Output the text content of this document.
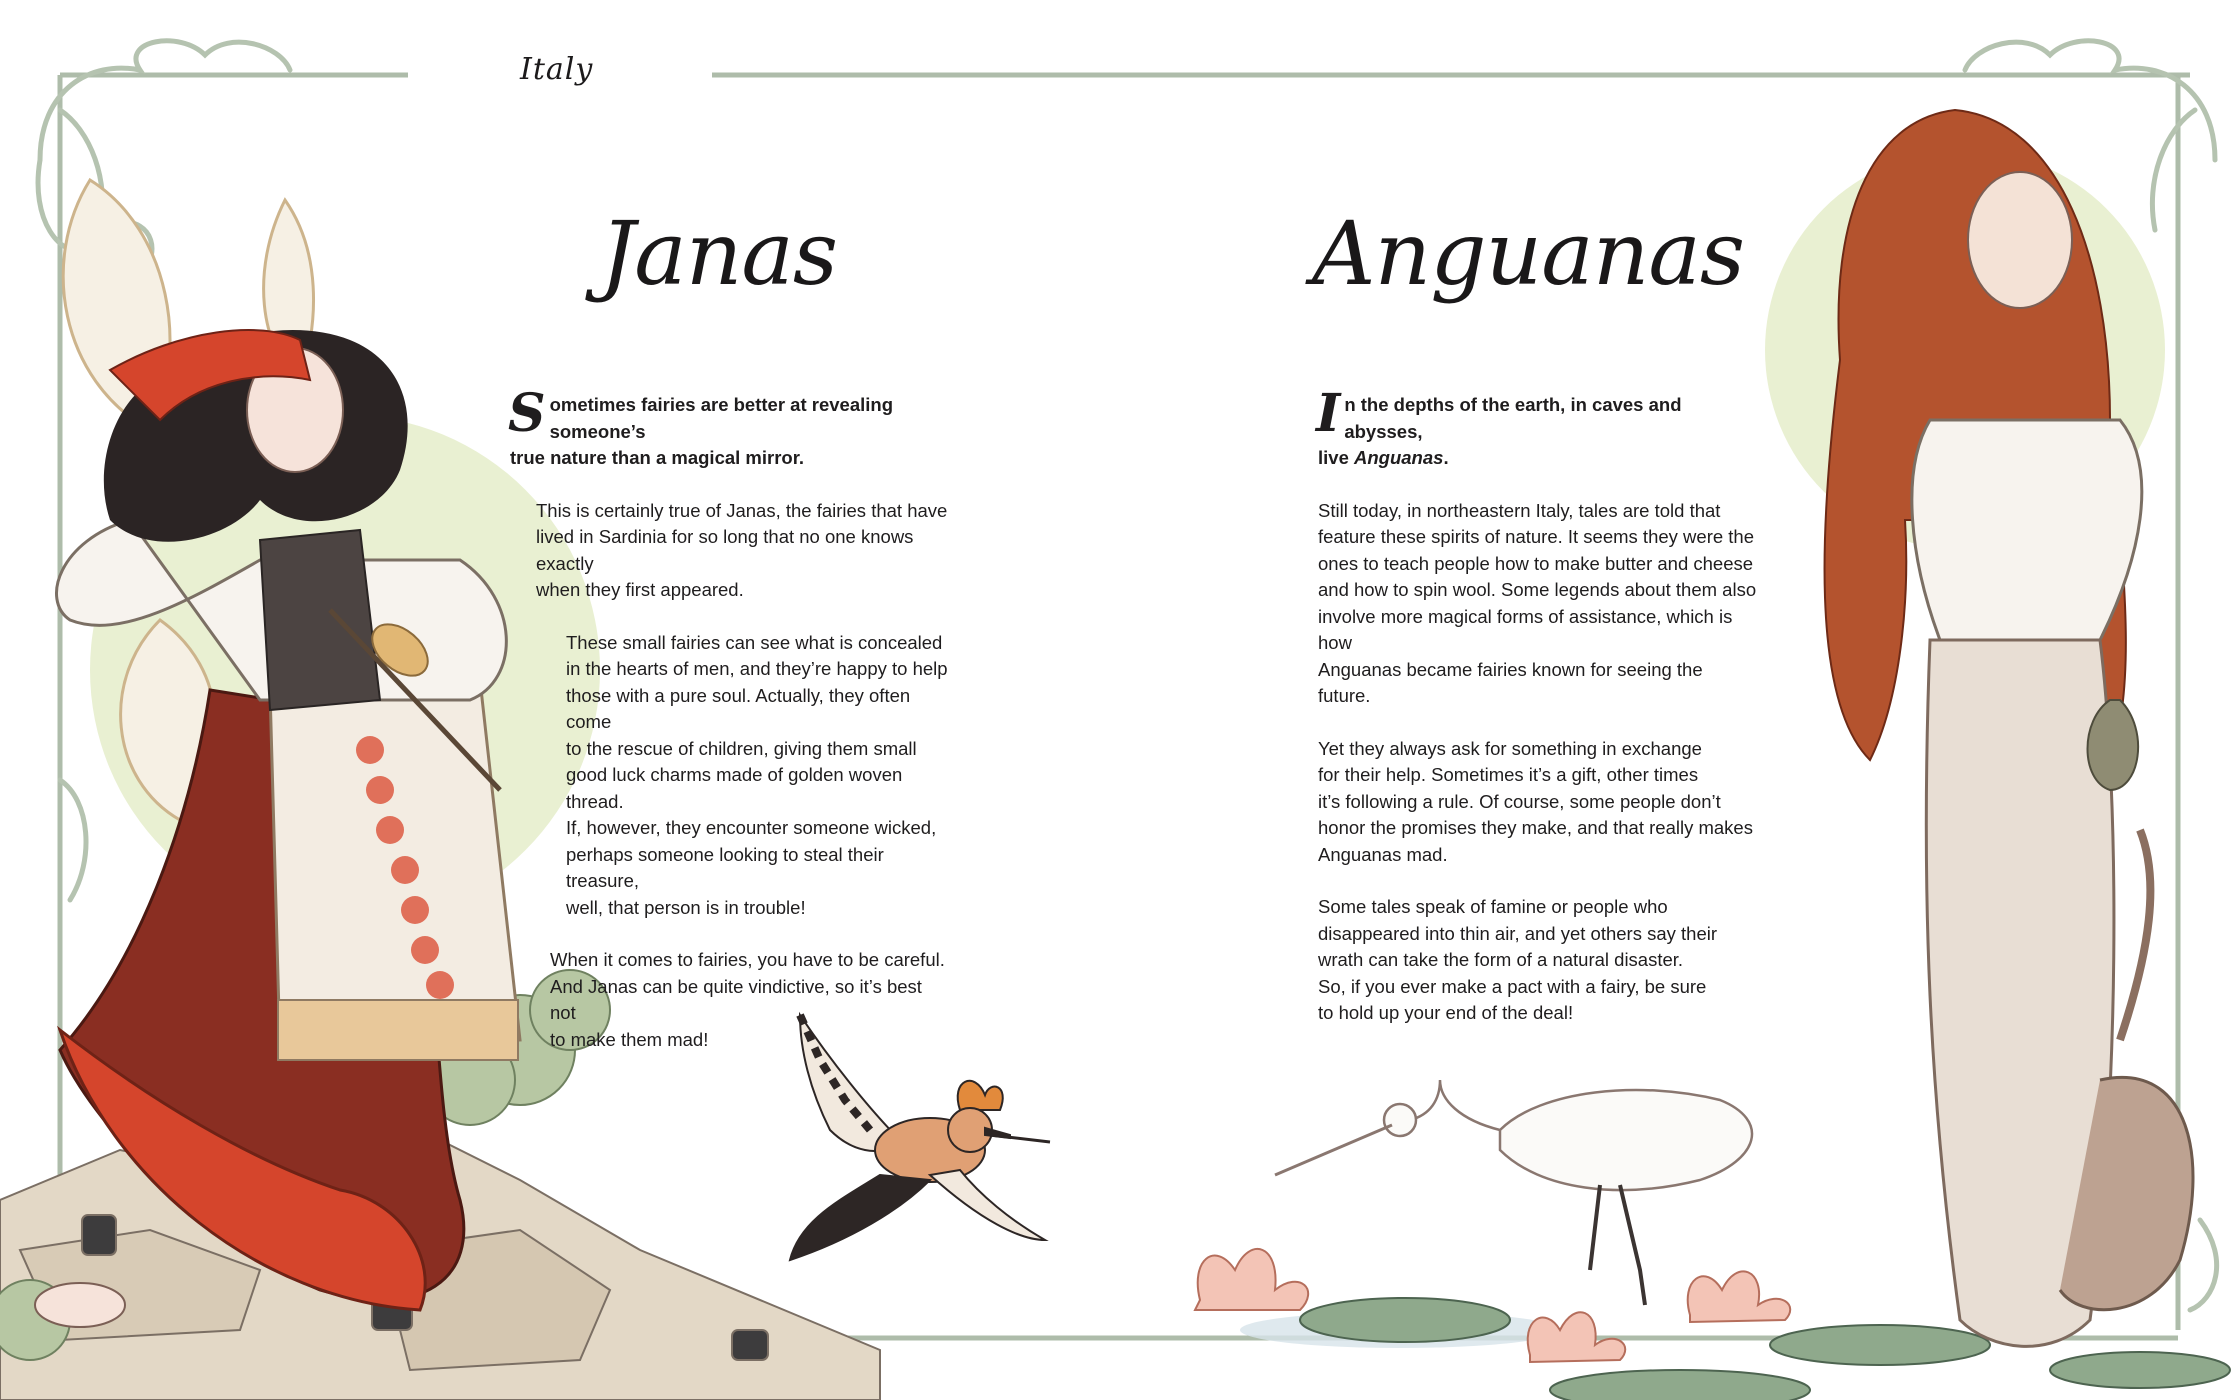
Italy
Janas	Anguanas

Sometimes fairies are better at revealing someone’s
true nature than a magical mirror.

This is certainly true of Janas, the fairies that have
lived in Sardinia for so long that no one knows exactly
when they first appeared.

These small fairies can see what is concealed
in the hearts of men, and they’re happy to help
those with a pure soul. Actually, they often come
to the rescue of children, giving them small
good luck charms made of golden woven thread.
If, however, they encounter someone wicked,
perhaps someone looking to steal their treasure,
well, that person is in trouble!

When it comes to fairies, you have to be careful.
And Janas can be quite vindictive, so it’s best not
to make them mad!

In the depths of the earth, in caves and abysses,
live Anguanas.

Still today, in northeastern Italy, tales are told that
feature these spirits of nature. It seems they were the
ones to teach people how to make butter and cheese
and how to spin wool. Some legends about them also
involve more magical forms of assistance, which is how
Anguanas became fairies known for seeing the future.

Yet they always ask for something in exchange
for their help. Sometimes it’s a gift, other times
it’s following a rule. Of course, some people don’t
honor the promises they make, and that really makes
Anguanas mad.

Some tales speak of famine or people who
disappeared into thin air, and yet others say their
wrath can take the form of a natural disaster.
So, if you ever make a pact with a fairy, be sure
to hold up your end of the deal!
